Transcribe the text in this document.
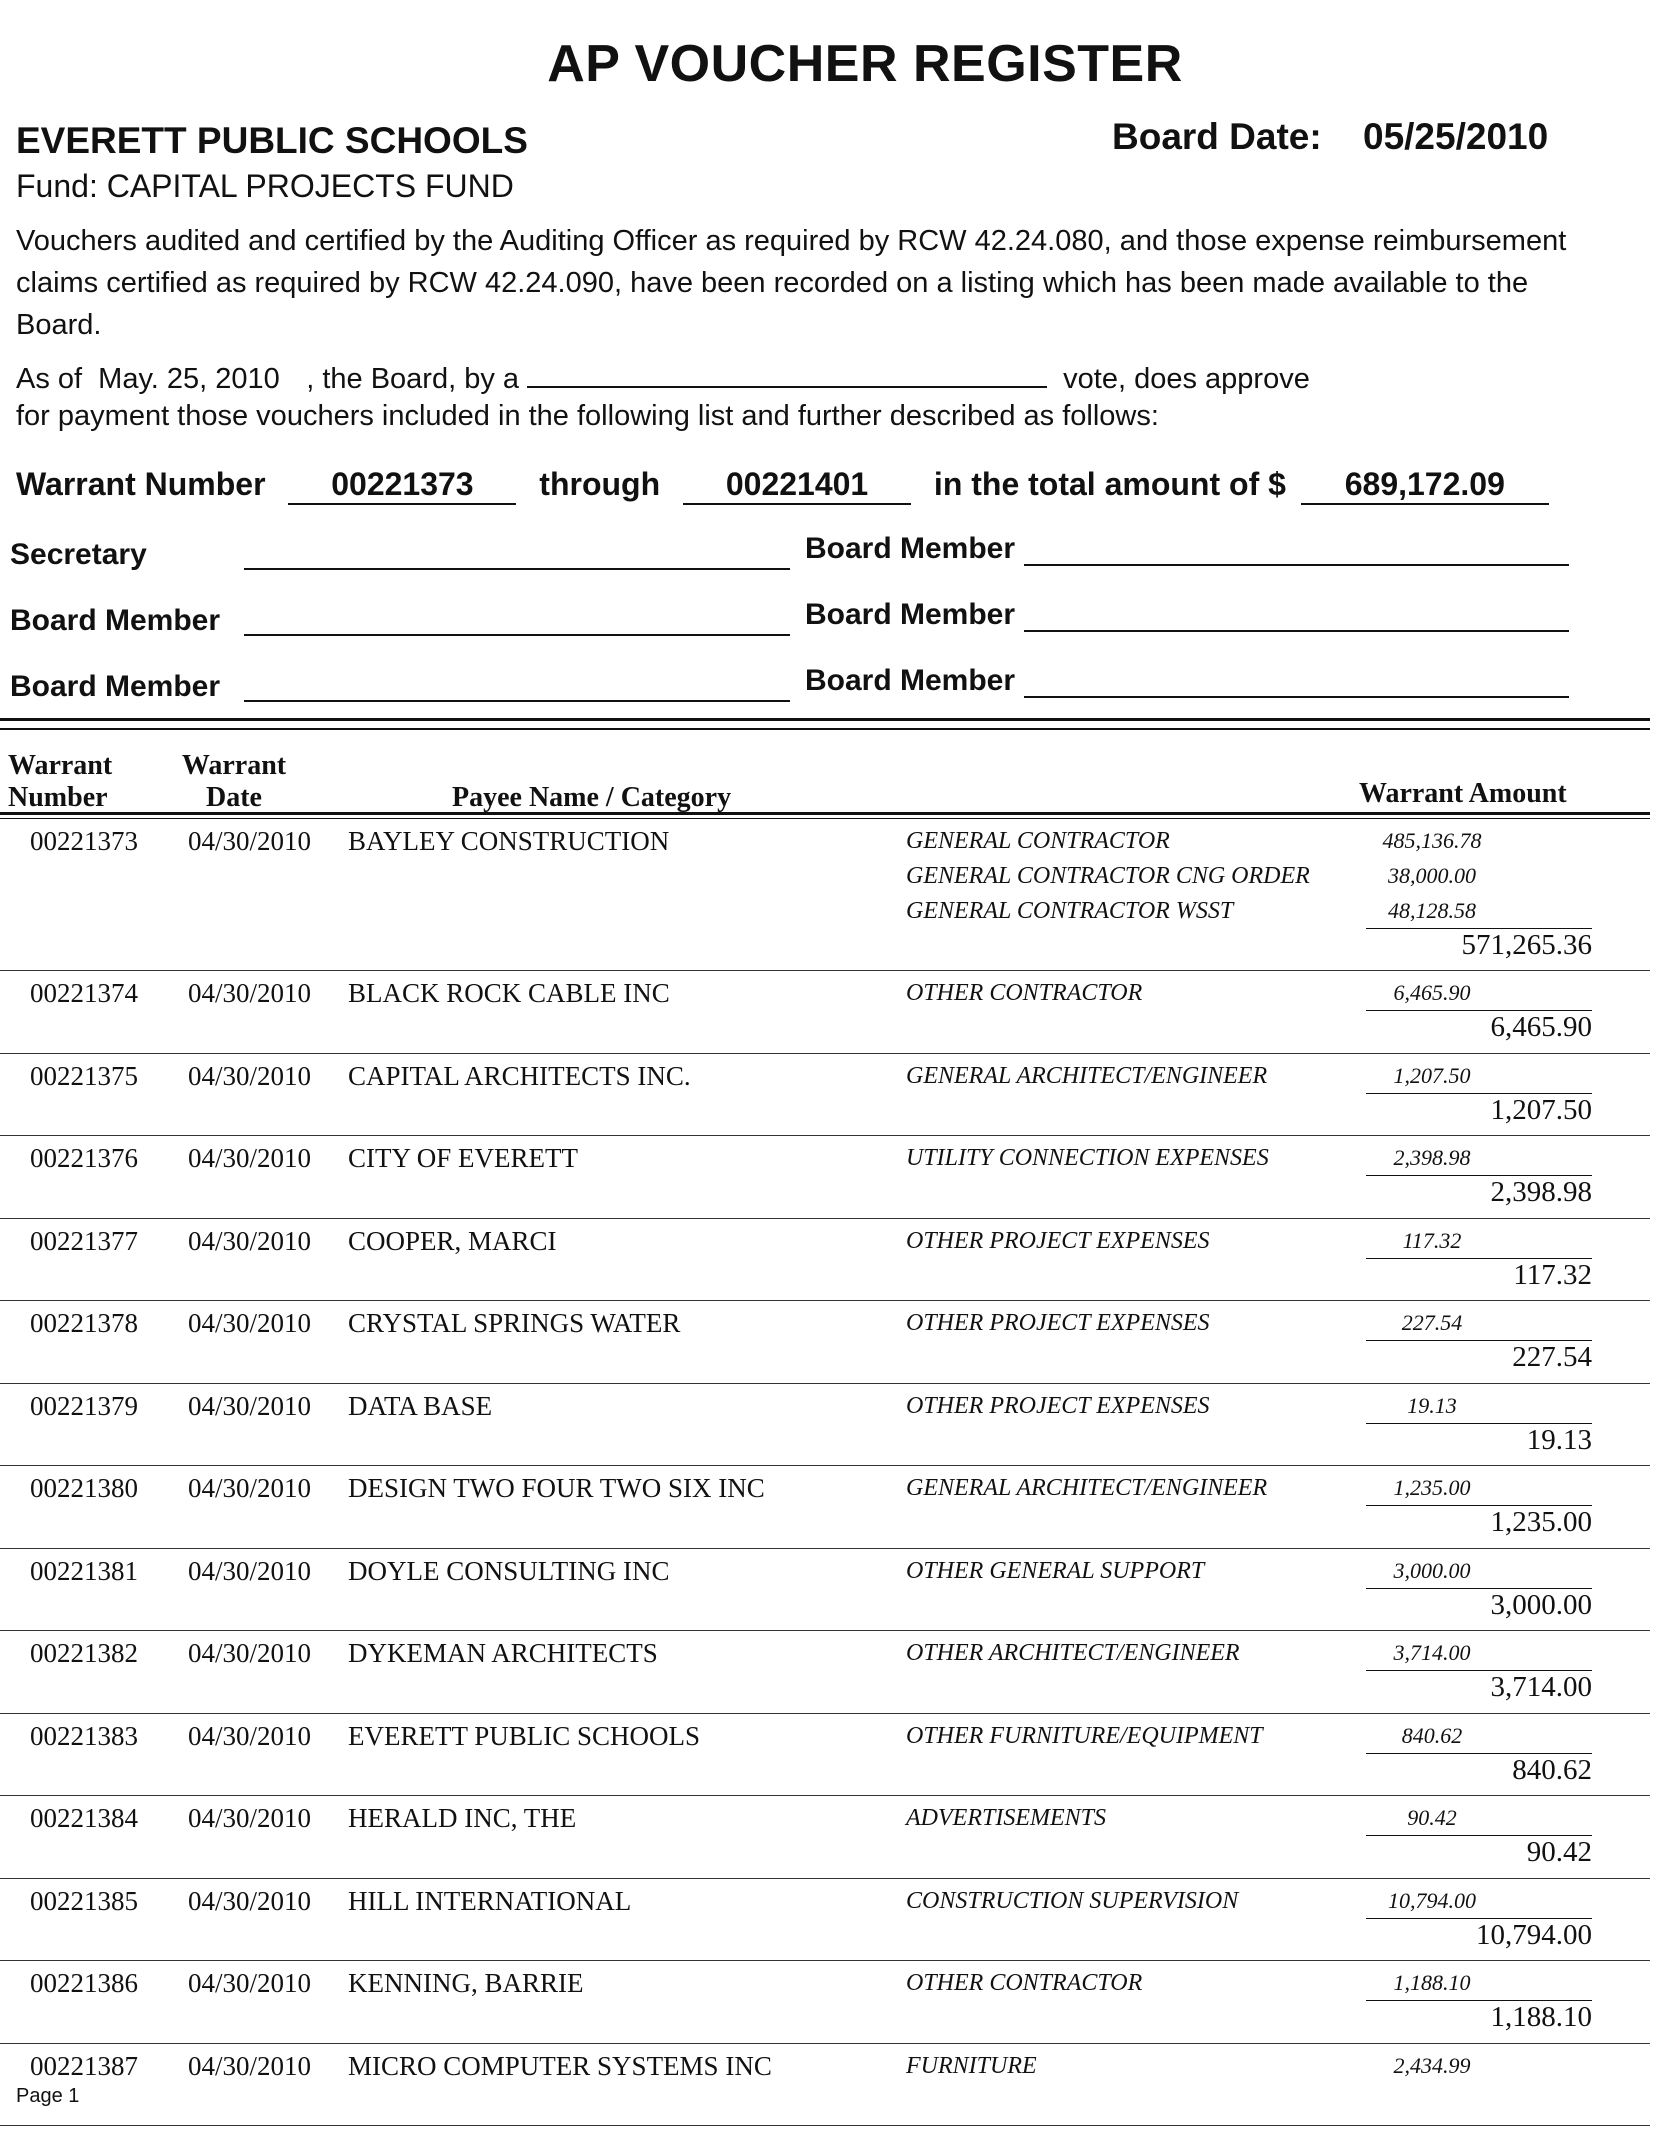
AP VOUCHER REGISTER
EVERETT PUBLIC SCHOOLS	Board Date: 05/25/2010
Fund: CAPITAL PROJECTS FUND
Vouchers audited and certified by the Auditing Officer as required by RCW 42.24.080, and those expense reimbursement claims certified as required by RCW 42.24.090, have been recorded on a listing which has been made available to the Board.
As of May. 25, 2010 , the Board, by a	vote, does approve
for payment those vouchers included in the following list and further described as follows:
Warrant Number 00221373 through 00221401 in the total amount of $ 689,172.09
Secretary	Board Member
Board Member	Board Member
Board Member	Board Member
Warrant
Number
Warrant
Date	Payee Name / Category	Warrant Amount
00221373 04/30/2010 BAYLEY CONSTRUCTION	GENERAL CONTRACTOR	485,136.78
GENERAL CONTRACTOR CNG ORDER	38,000.00
GENERAL CONTRACTOR WSST	48,128.58
571,265.36
00221374 04/30/2010 BLACK ROCK CABLE INC	OTHER CONTRACTOR	6,465.90
6,465.90
00221375 04/30/2010 CAPITAL ARCHITECTS INC.	GENERAL ARCHITECT/ENGINEER	1,207.50
1,207.50
00221376 04/30/2010 CITY OF EVERETT	UTILITY CONNECTION EXPENSES	2,398.98
2,398.98
00221377 04/30/2010 COOPER, MARCI	OTHER PROJECT EXPENSES	117.32
117.32
00221378 04/30/2010 CRYSTAL SPRINGS WATER	OTHER PROJECT EXPENSES	227.54
227.54
00221379 04/30/2010 DATA BASE	OTHER PROJECT EXPENSES	19.13
19.13
00221380 04/30/2010 DESIGN TWO FOUR TWO SIX INC	GENERAL ARCHITECT/ENGINEER	1,235.00
1,235.00
00221381 04/30/2010 DOYLE CONSULTING INC	OTHER GENERAL SUPPORT	3,000.00
3,000.00
00221382 04/30/2010 DYKEMAN ARCHITECTS	OTHER ARCHITECT/ENGINEER	3,714.00
3,714.00
00221383 04/30/2010 EVERETT PUBLIC SCHOOLS	OTHER FURNITURE/EQUIPMENT	840.62
840.62
00221384 04/30/2010 HERALD INC, THE	ADVERTISEMENTS	90.42
90.42
00221385 04/30/2010 HILL INTERNATIONAL	CONSTRUCTION SUPERVISION	10,794.00
10,794.00
00221386 04/30/2010 KENNING, BARRIE	OTHER CONTRACTOR	1,188.10
1,188.10
00221387 04/30/2010 MICRO COMPUTER SYSTEMS INC	FURNITURE	2,434.99
Page 1
